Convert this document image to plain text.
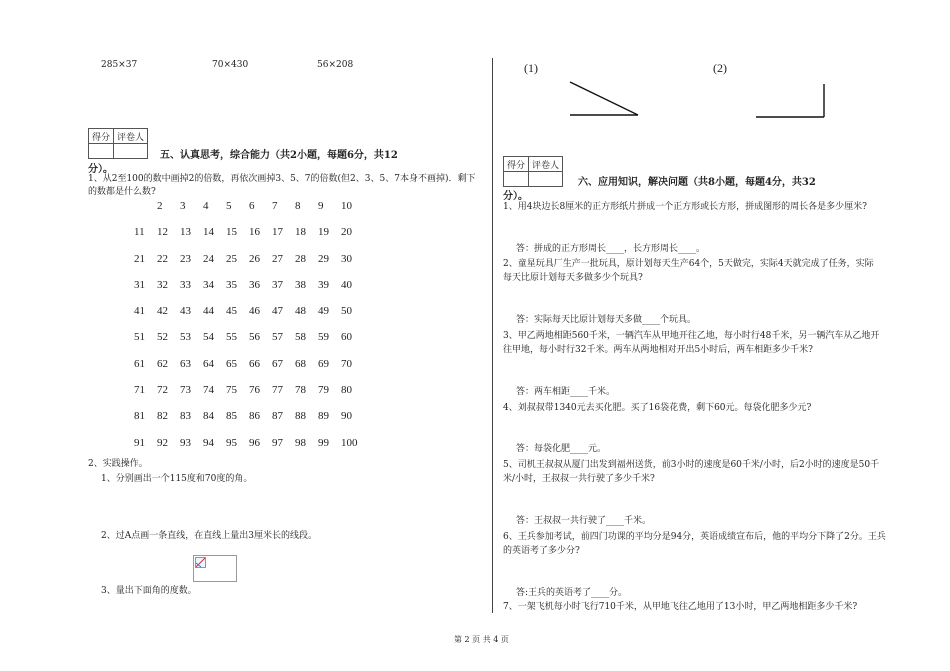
285×37	70×430	56×208
得分	评卷人

五、认真思考，综合能力（共2小题，每题6分，共12
分）。
1、从2至100的数中画掉2的倍数，再依次画掉3、5、7的倍数(但2、3、5、7本身不画掉)．剩下
的数都是什么数?
	2	3	4	5	6	7	8	9	10
11	12	13	14	15	16	17	18	19	20
21	22	23	24	25	26	27	28	29	30
31	32	33	34	35	36	37	38	39	40
41	42	43	44	45	46	47	48	49	50
51	52	53	54	55	56	57	58	59	60
61	62	63	64	65	66	67	68	69	70
71	72	73	74	75	76	77	78	79	80
81	82	83	84	85	86	87	88	89	90
91	92	93	94	95	96	97	98	99	100
2、实践操作。
1、分别画出一个115度和70度的角。
2、过A点画一条直线，在直线上量出3厘米长的线段。
3、量出下面角的度数。
(1)	(2)
得分	评卷人

六、应用知识，解决问题（共8小题，每题4分，共32
分）。
1、用4块边长8厘米的正方形纸片拼成一个正方形或长方形，拼成图形的周长各是多少厘米?
答：拼成的正方形周长____，长方形周长____。
2、童星玩具厂生产一批玩具，原计划每天生产64个，5天做完，实际4天就完成了任务，实际
每天比原计划每天多做多少个玩具?
答：实际每天比原计划每天多做____个玩具。
3、甲乙两地相距560千米，一辆汽车从甲地开往乙地，每小时行48千米，另一辆汽车从乙地开
往甲地，每小时行32千米。两车从两地相对开出5小时后，两车相距多少千米?
答：两车相距____千米。
4、刘叔叔带1340元去买化肥。买了16袋花费，剩下60元。每袋化肥多少元?
答：每袋化肥____元。
5、司机王叔叔从厦门出发到福州送货，前3小时的速度是60千米/小时，后2小时的速度是50千
米/小时，王叔叔一共行驶了多少千米?
答：王叔叔一共行驶了____千米。
6、王兵参加考试，前四门功课的平均分是94分，英语成绩宣布后，他的平均分下降了2分。王兵
的英语考了多少分?
答:王兵的英语考了____分。
7、一架飞机每小时飞行710千米，从甲地飞往乙地用了13小时，甲乙两地相距多少千米?
第 2 页 共 4 页
